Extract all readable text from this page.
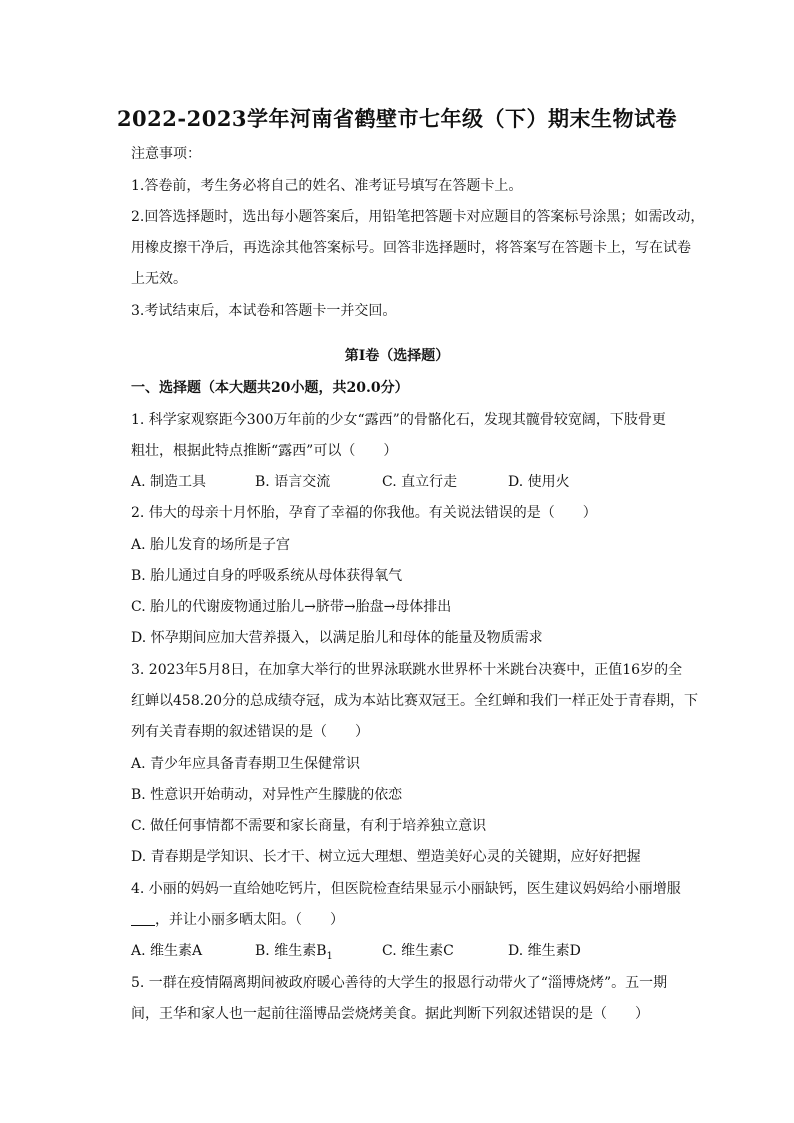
2022-2023学年河南省鹤壁市七年级（下）期末生物试卷
注意事项：
1.答卷前，考生务必将自己的姓名、准考证号填写在答题卡上。
2.回答选择题时，选出每小题答案后，用铅笔把答题卡对应题目的答案标号涂黑；如需改动，
用橡皮擦干净后，再选涂其他答案标号。回答非选择题时，将答案写在答题卡上，写在试卷
上无效。
3.考试结束后，本试卷和答题卡一并交回。
第Ⅰ卷（选择题）
一、选择题（本大题共20小题，共20.0分）
1. 科学家观察距今300万年前的少女“露西”的骨骼化石，发现其髋骨较宽阔，下肢骨更
粗壮，根据此特点推断“露西”可以（　　）
A. 制造工具	B. 语言交流	C. 直立行走	D. 使用火
2. 伟大的母亲十月怀胎，孕育了幸福的你我他。有关说法错误的是（　　）
A. 胎儿发育的场所是子宫
B. 胎儿通过自身的呼吸系统从母体获得氧气
C. 胎儿的代谢废物通过胎儿→脐带→胎盘→母体排出
D. 怀孕期间应加大营养摄入，以满足胎儿和母体的能量及物质需求
3. 2023年5月8日，在加拿大举行的世界泳联跳水世界杯十米跳台决赛中，正值16岁的全
红蝉以458.20分的总成绩夺冠，成为本站比赛双冠王。全红蝉和我们一样正处于青春期，下
列有关青春期的叙述错误的是（　　）
A. 青少年应具备青春期卫生保健常识
B. 性意识开始萌动，对异性产生朦胧的依恋
C. 做任何事情都不需要和家长商量，有利于培养独立意识
D. 青春期是学知识、长才干、树立远大理想、塑造美好心灵的关键期，应好好把握
4. 小丽的妈妈一直给她吃钙片，但医院检查结果显示小丽缺钙，医生建议妈妈给小丽增服
，并让小丽多晒太阳。（　　）
A. 维生素A	B. 维生素$B_1$	C. 维生素C	D. 维生素D
5. 一群在疫情隔离期间被政府暖心善待的大学生的报恩行动带火了“淄博烧烤”。五一期
间，王华和家人也一起前往淄博品尝烧烤美食。据此判断下列叙述错误的是（　　）
